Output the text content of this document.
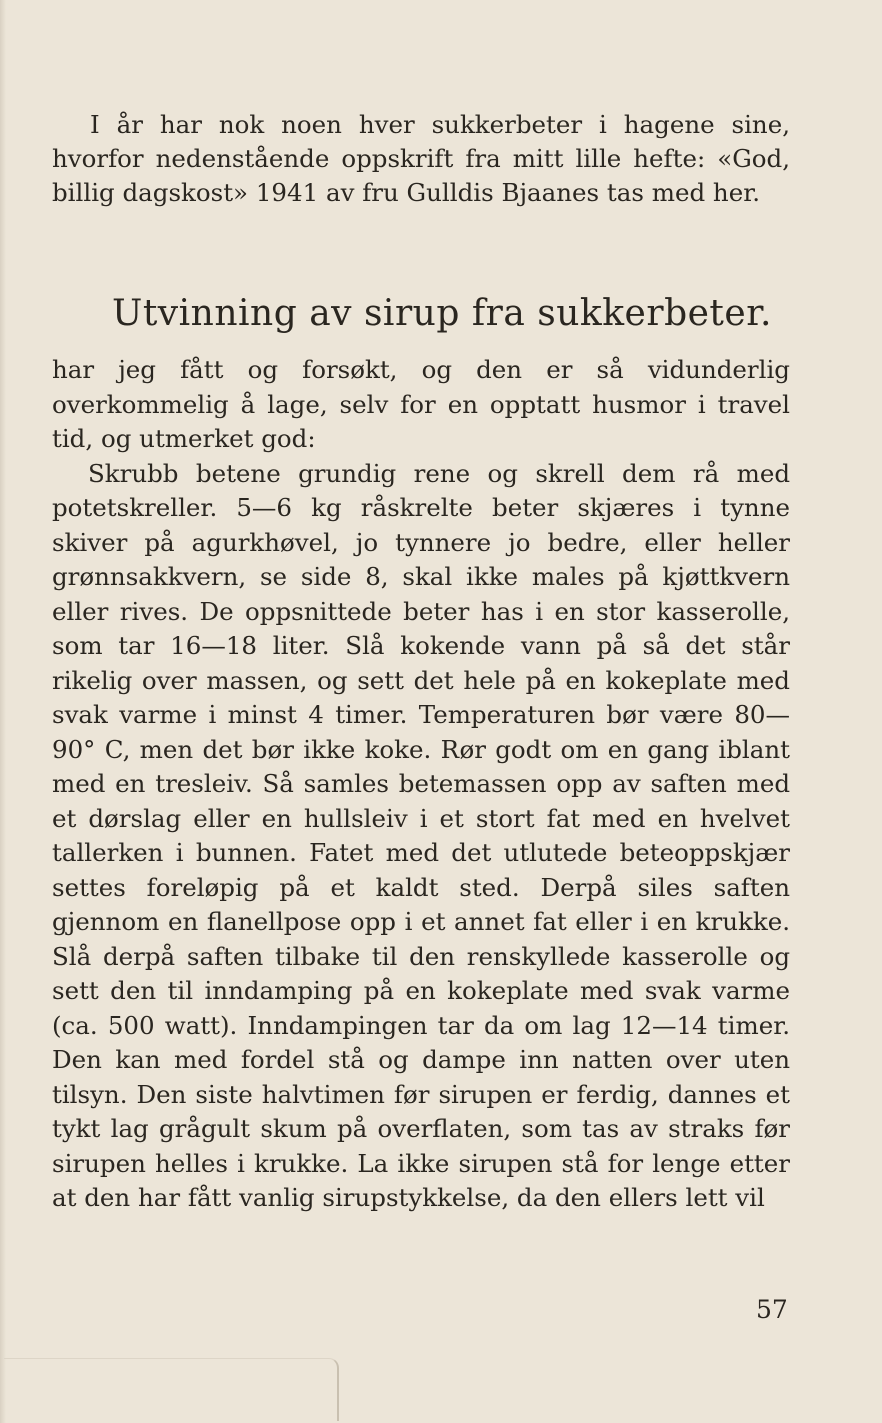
I år har nok noen hver sukkerbeter i hagene sine, hvorfor nedenstående oppskrift fra mitt lille hefte: «God, billig dagskost» 1941 av fru Gulldis Bjaanes tas med her.

Utvinning av sirup fra sukkerbeter.

har jeg fått og forsøkt, og den er så vidunderlig overkommelig å lage, selv for en opptatt husmor i travel tid, og utmerket god:

Skrubb betene grundig rene og skrell dem rå med potetskreller. 5—6 kg råskrelte beter skjæres i tynne skiver på agurkhøvel, jo tynnere jo bedre, eller heller grønnsakkvern, se side 8, skal ikke males på kjøttkvern eller rives. De oppsnittede beter has i en stor kasserolle, som tar 16—18 liter. Slå kokende vann på så det står rikelig over massen, og sett det hele på en kokeplate med svak varme i minst 4 timer. Temperaturen bør være 80—90° C, men det bør ikke koke. Rør godt om en gang iblant med en tresleiv. Så samles betemassen opp av saften med et dørslag eller en hullsleiv i et stort fat med en hvelvet tallerken i bunnen. Fatet med det utlutede beteoppskjær settes foreløpig på et kaldt sted. Derpå siles saften gjennom en flanellpose opp i et annet fat eller i en krukke. Slå derpå saften tilbake til den renskyllede kasserolle og sett den til inndamping på en kokeplate med svak varme (ca. 500 watt). Inndampingen tar da om lag 12—14 timer. Den kan med fordel stå og dampe inn natten over uten tilsyn. Den siste halvtimen før sirupen er ferdig, dannes et tykt lag grågult skum på overflaten, som tas av straks før sirupen helles i krukke. La ikke sirupen stå for lenge etter at den har fått vanlig sirupstykkelse, da den ellers lett vil

57
